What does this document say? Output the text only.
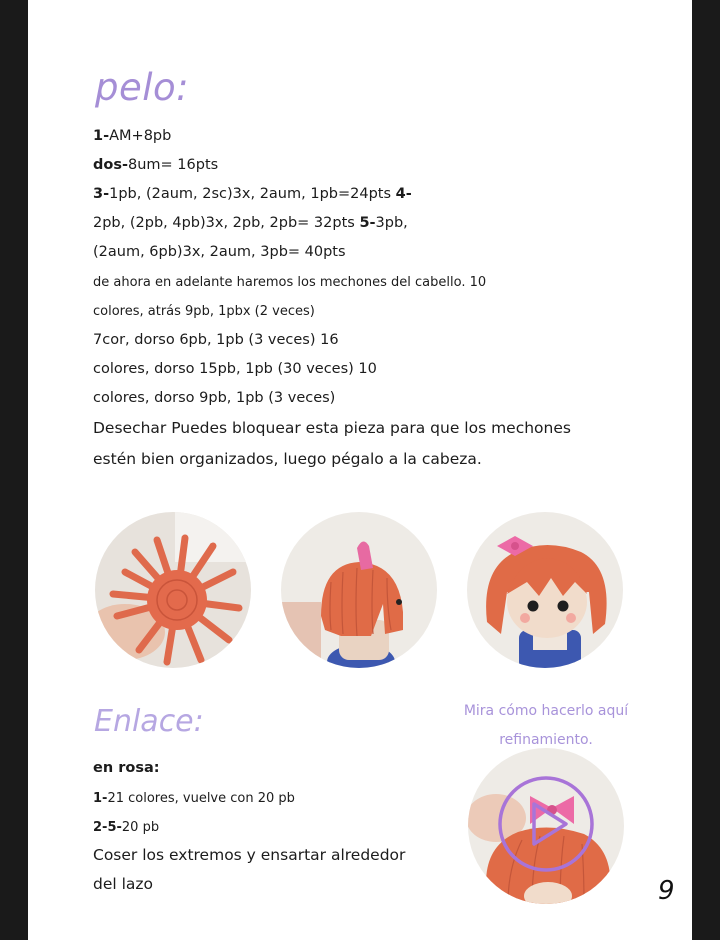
pelo:
1-AM+8pb
dos-8um= 16pts
3-1pb, (2aum, 2sc)3x, 2aum, 1pb=24pts 4-
2pb, (2pb, 4pb)3x, 2pb, 2pb= 32pts 5-3pb,
(2aum, 6pb)3x, 2aum, 3pb= 40pts
de ahora en adelante haremos los mechones del cabello. 10
colores, atrás 9pb, 1pbx (2 veces)
7cor, dorso 6pb, 1pb (3 veces) 16
colores, dorso 15pb, 1pb (30 veces) 10
colores, dorso 9pb, 1pb (3 veces)
Desechar Puedes bloquear esta pieza para que los mechones
estén bien organizados, luego pégalo a la cabeza.
Enlace:
en rosa:
1-21 colores, vuelve con 20 pb
2-5-20 pb
Coser los extremos y ensartar alrededor
del lazo
Mira cómo hacerlo aquí
refinamiento.
9
